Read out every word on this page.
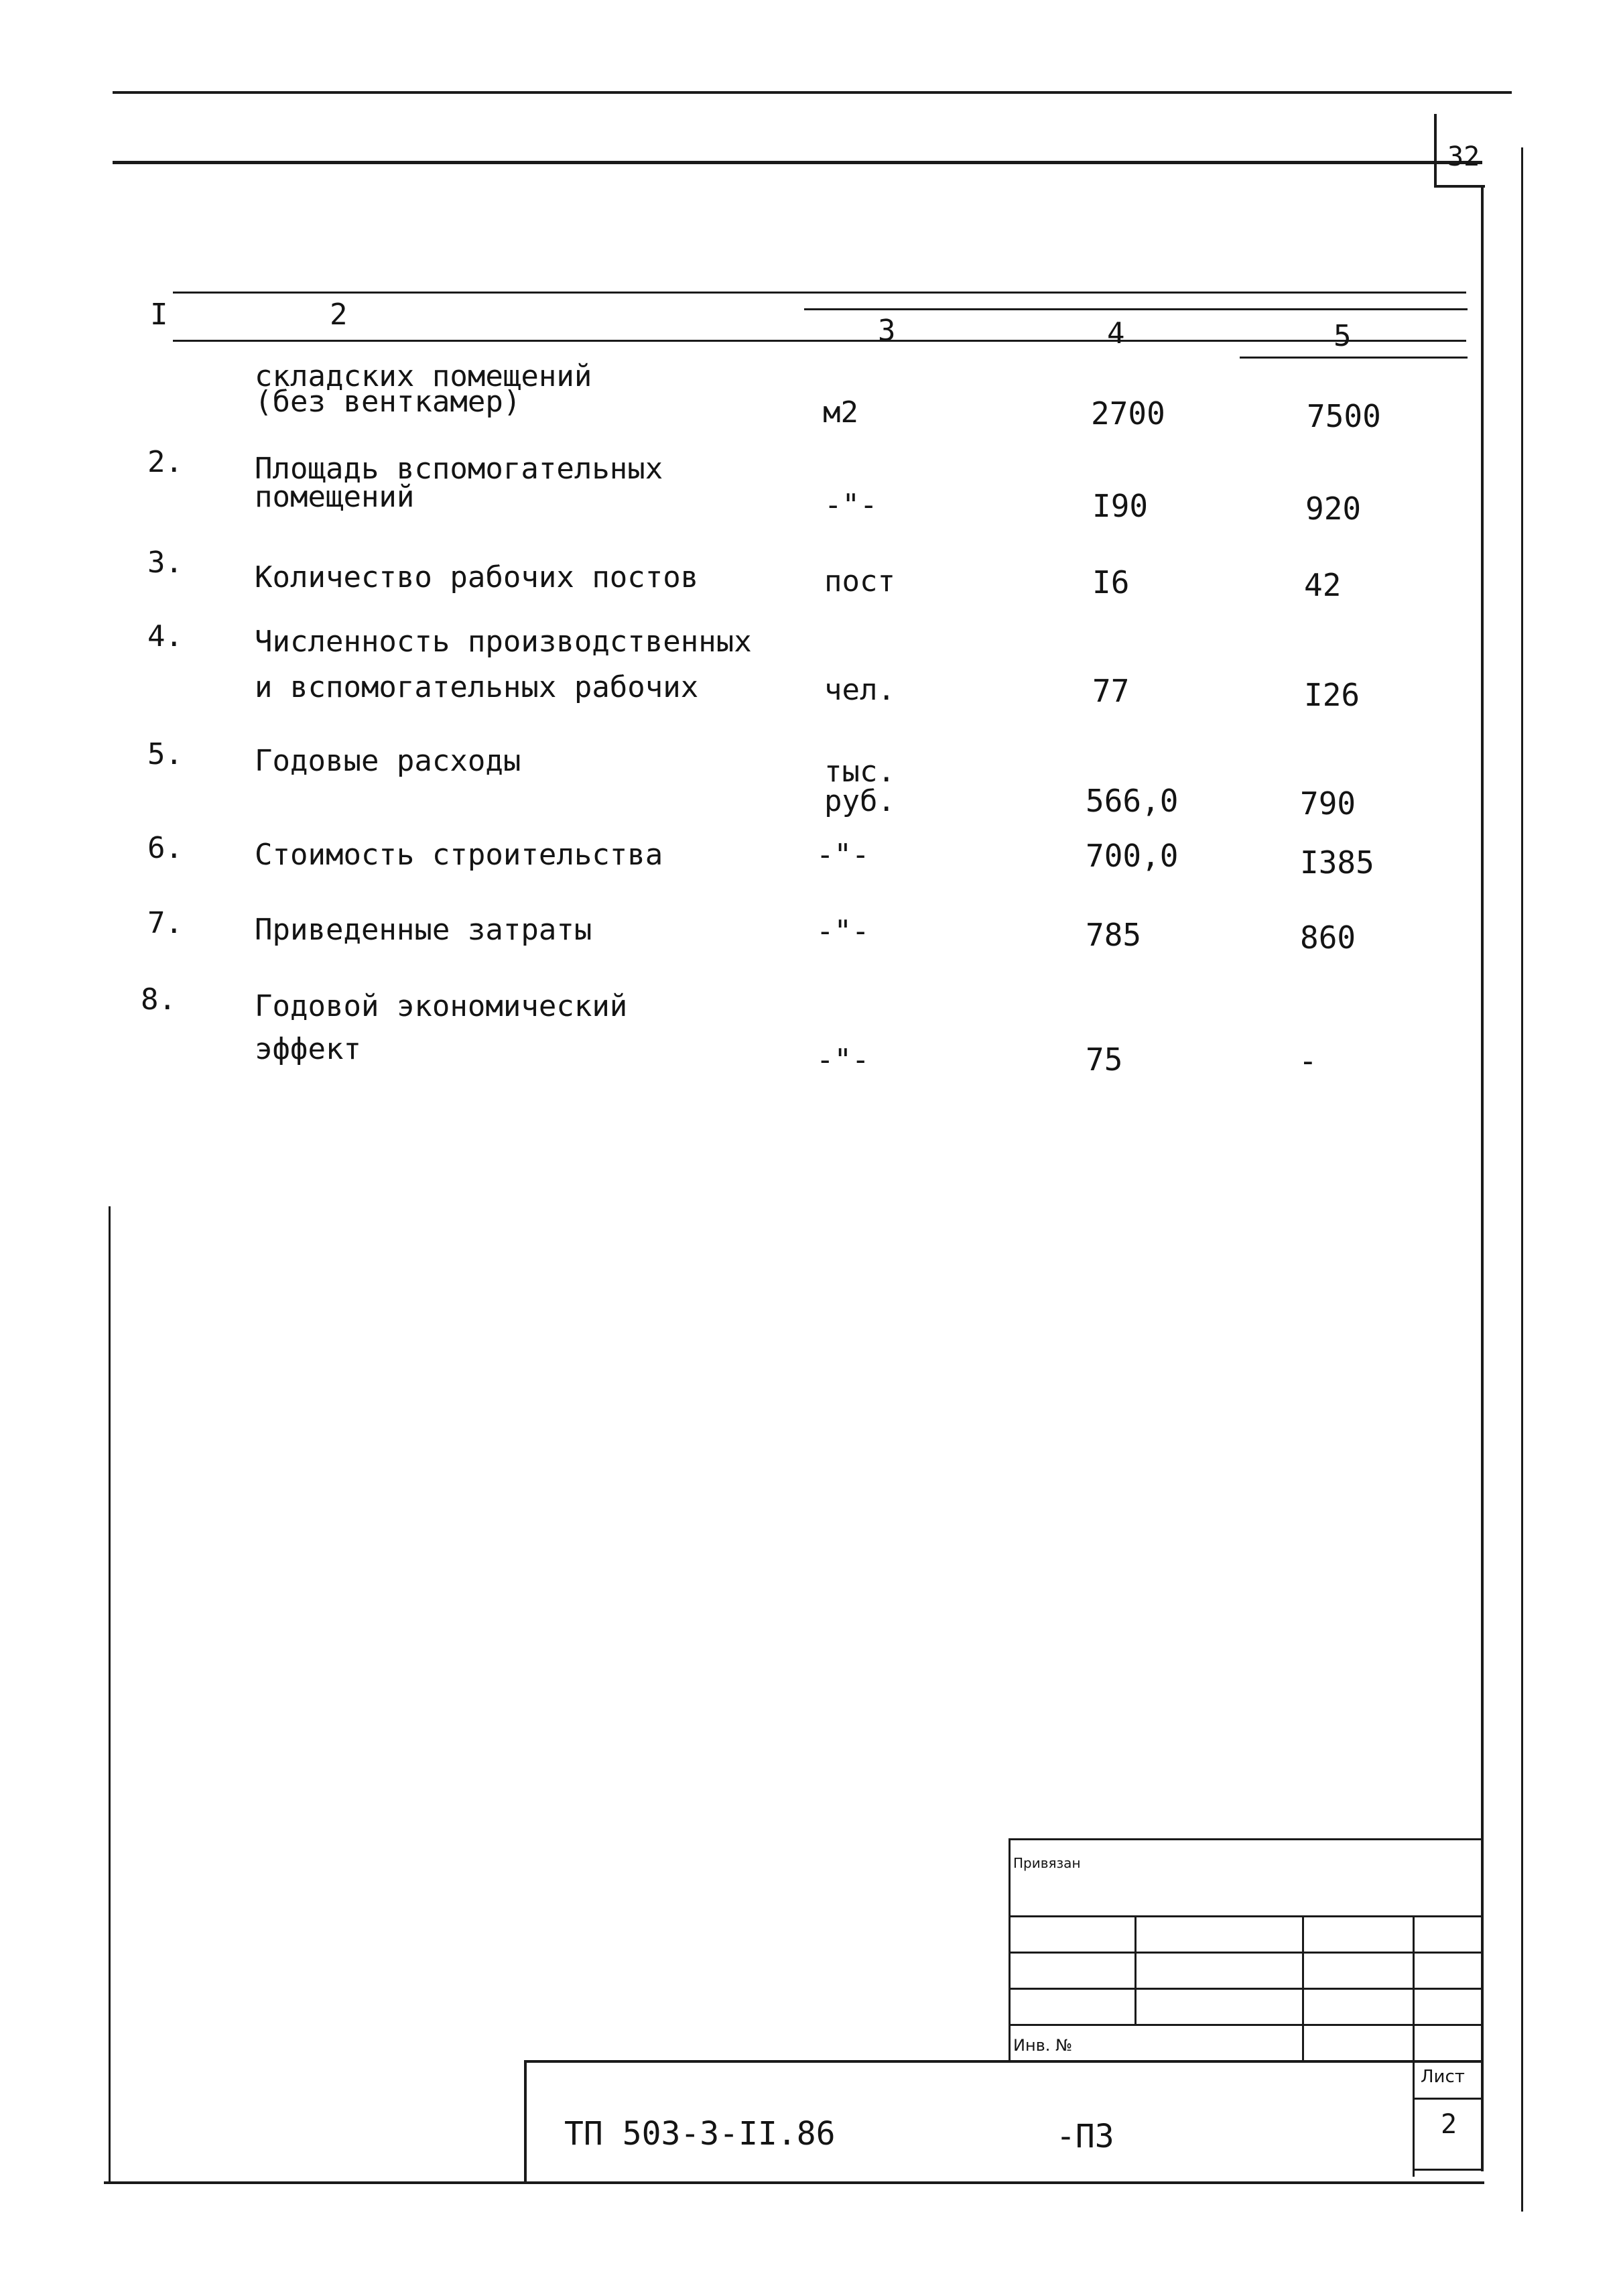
32
I	2	3	4	5
складских помещений
(без венткамер)	м2	2700	7500
2. Площадь вспомогательных
помещений	-"-	I90	920
3. Количество рабочих постов	пост	I6	42
4. Численность производственных
и вспомогательных рабочих	чел.	77	I26
5. Годовые расходы	тыс.
руб.	566,0	790
6. Стоимость строительства	-"-	700,0	I385
7. Приведенные затраты	-"-	785	860
8.	Годовой экономический
эффект	-"-	75	-
Привязан
Инв. №
Лист
2
ТП 503-3-II.86	-ПЗ
